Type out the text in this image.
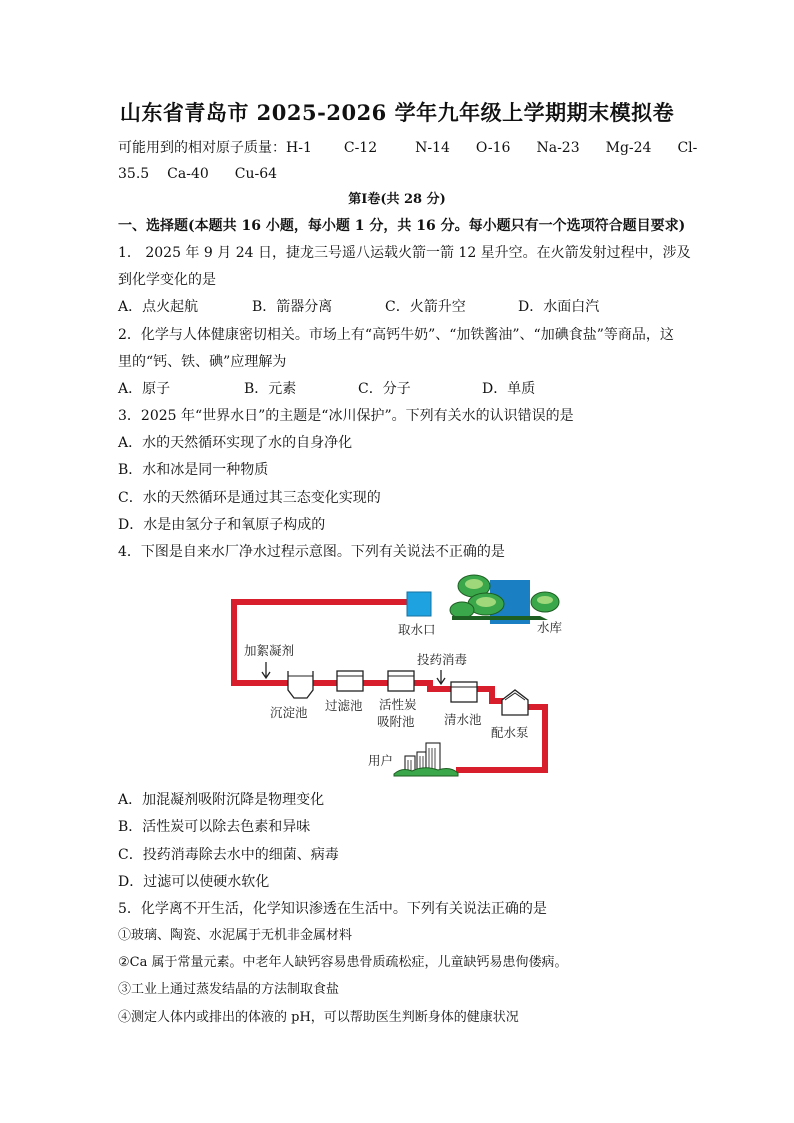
山东省青岛市 2025-2026 学年九年级上学期期末模拟卷
可能用到的相对原子质量：H-1 C-12	N-14 O-16 Na-23 Mg-24 Cl-
35.5 Ca-40 Cu-64
第Ⅰ卷(共 28 分)
一、选择题(本题共 16 小题，每小题 1 分，共 16 分。每小题只有一个选项符合题目要求)
1． 2025 年 9 月 24 日，捷龙三号遥八运载火箭一箭 12 星升空。在火箭发射过程中，涉及
到化学变化的是
A．点火起航	B．箭器分离	C．火箭升空	D．水面白汽
2．化学与人体健康密切相关。市场上有“高钙牛奶”、“加铁酱油”、“加碘食盐”等商品，这
里的“钙、铁、碘”应理解为
A．原子	B．元素	C．分子	D．单质
3．2025 年“世界水日”的主题是“冰川保护”。下列有关水的认识错误的是
A．水的天然循环实现了水的自身净化
B．水和冰是同一种物质
C．水的天然循环是通过其三态变化实现的
D．水是由氢分子和氧原子构成的
4．下图是自来水厂净水过程示意图。下列有关说法不正确的是
取水口	水库
加絮凝剂
沉淀池 过滤池 活性炭
吸附池
投药消毒
清水池
配水泵
用户
A．加混凝剂吸附沉降是物理变化
B．活性炭可以除去色素和异味
C．投药消毒除去水中的细菌、病毒
D．过滤可以使硬水软化
5．化学离不开生活，化学知识渗透在生活中。下列有关说法正确的是
①玻璃、陶瓷、水泥属于无机非金属材料
②Ca 属于常量元素。中老年人缺钙容易患骨质疏松症，儿童缺钙易患佝偻病。
③工业上通过蒸发结晶的方法制取食盐
④测定人体内或排出的体液的 pH，可以帮助医生判断身体的健康状况
